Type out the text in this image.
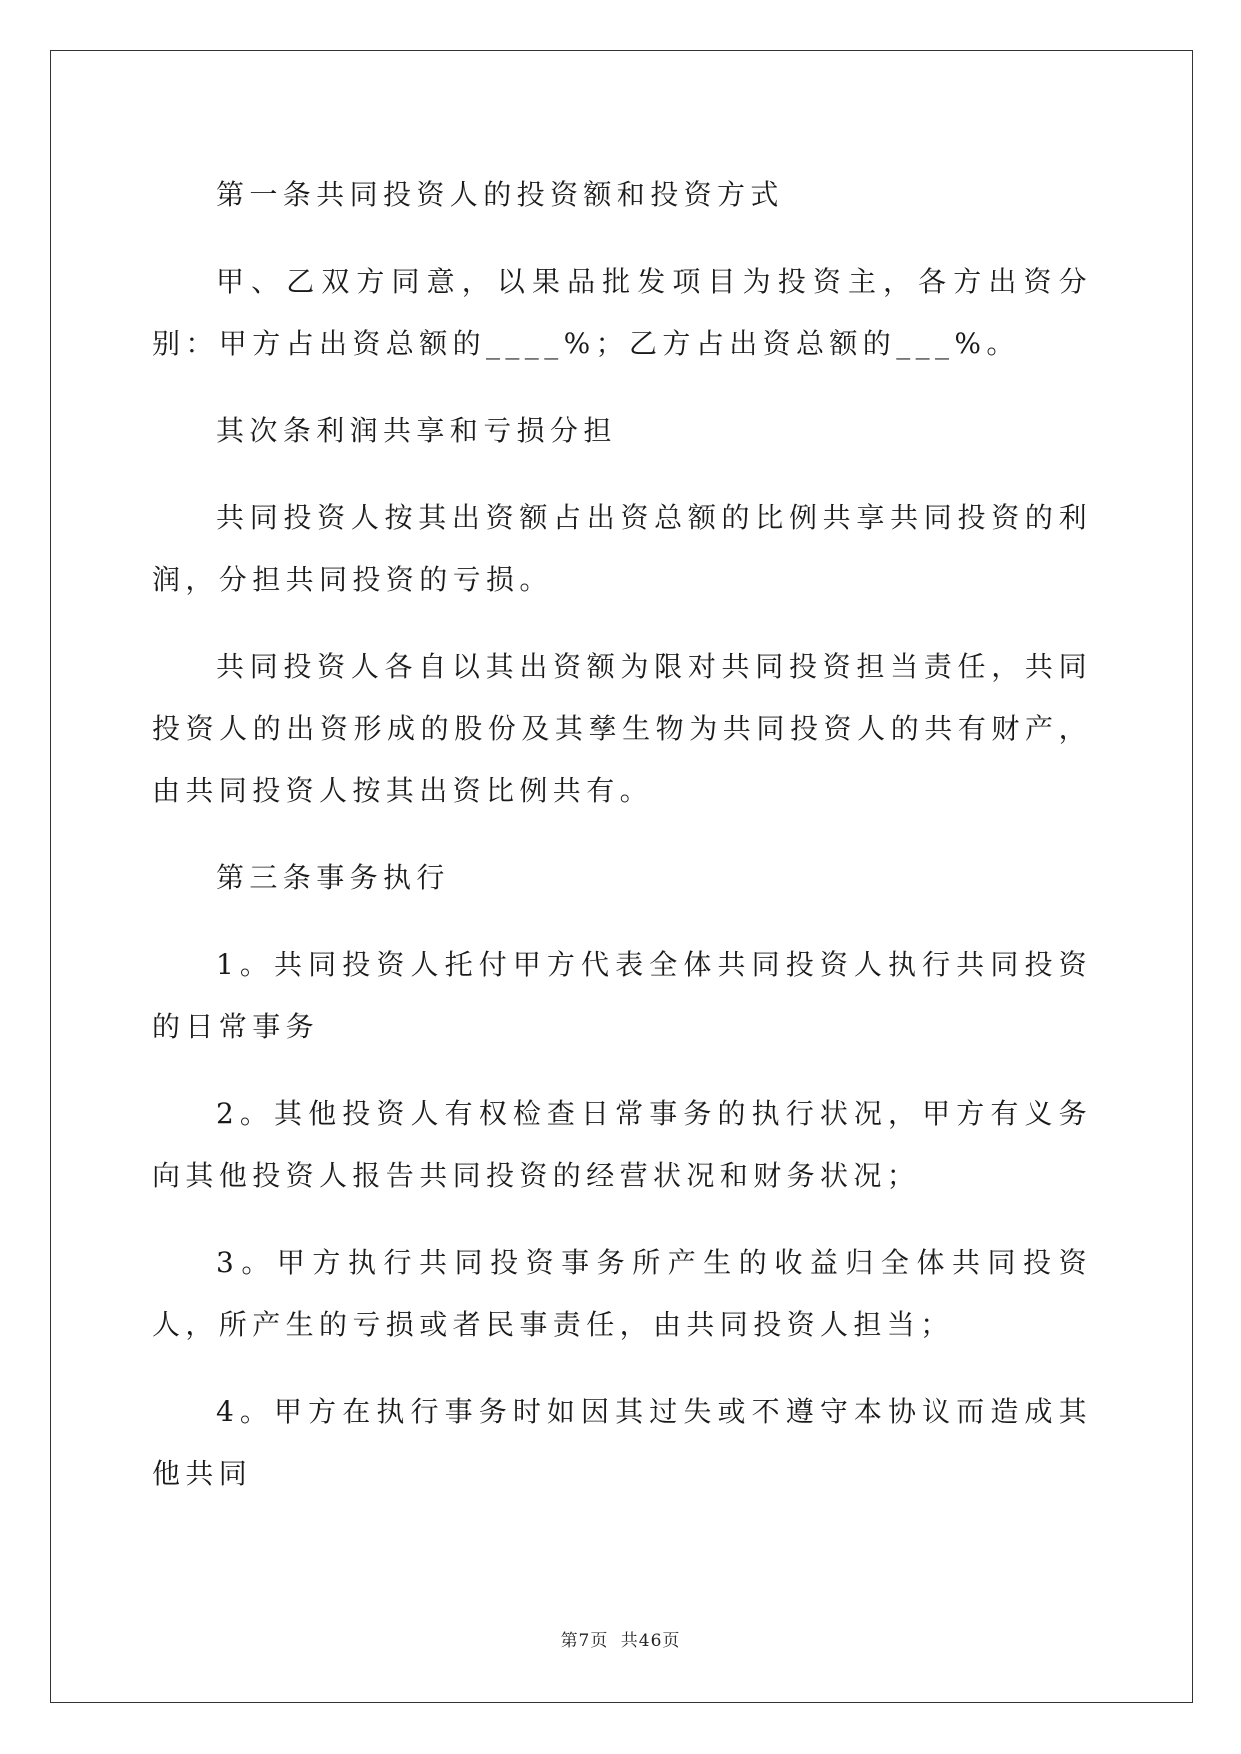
第一条共同投资人的投资额和投资方式

甲、乙双方同意，以果品批发项目为投资主，各方出资分别：甲方占出资总额的____%；乙方占出资总额的___%。

其次条利润共享和亏损分担

共同投资人按其出资额占出资总额的比例共享共同投资的利润，分担共同投资的亏损。

共同投资人各自以其出资额为限对共同投资担当责任，共同投资人的出资形成的股份及其孳生物为共同投资人的共有财产，由共同投资人按其出资比例共有。

第三条事务执行

1。共同投资人托付甲方代表全体共同投资人执行共同投资的日常事务

2。其他投资人有权检查日常事务的执行状况，甲方有义务向其他投资人报告共同投资的经营状况和财务状况；

3。甲方执行共同投资事务所产生的收益归全体共同投资人，所产生的亏损或者民事责任，由共同投资人担当；

4。甲方在执行事务时如因其过失或不遵守本协议而造成其他共同

第7页 共46页
